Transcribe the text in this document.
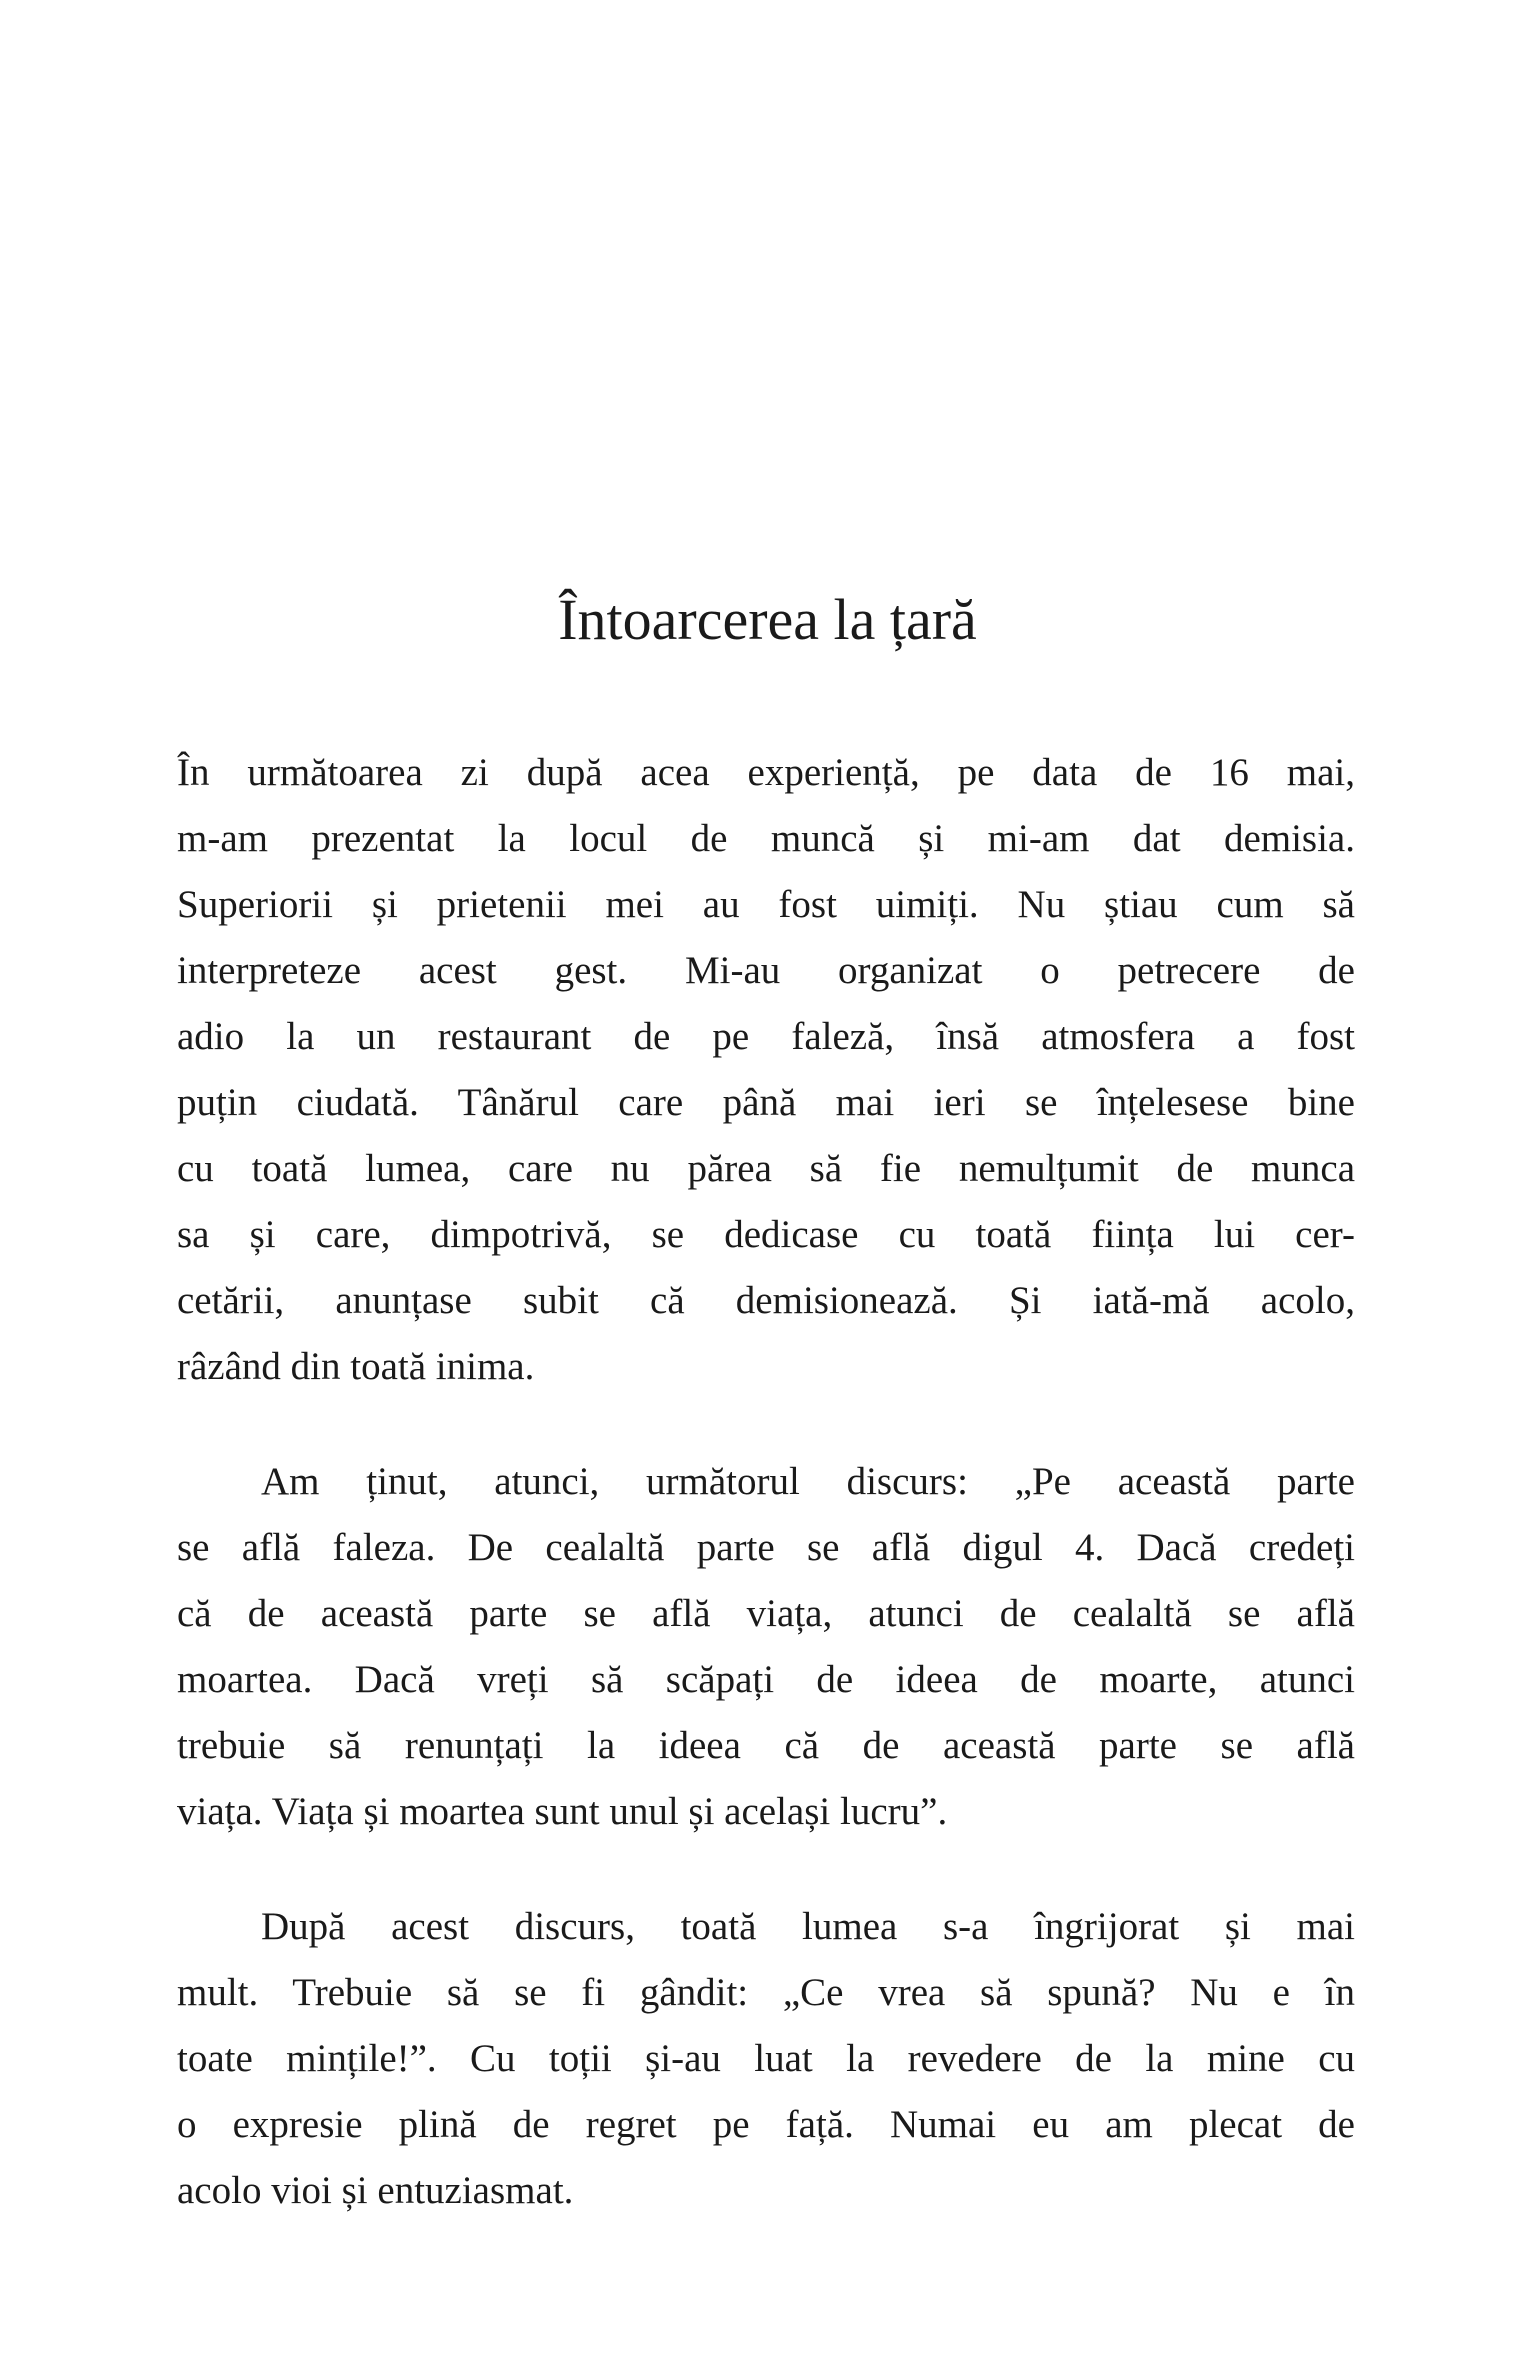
Întoarcerea la țară
În următoarea zi după acea experiență, pe data de 16 mai,
m-am prezentat la locul de muncă și mi-am dat demisia.
Superiorii și prietenii mei au fost uimiți. Nu știau cum să
interpreteze acest gest. Mi-au organizat o petrecere de
adio la un restaurant de pe faleză, însă atmosfera a fost
puțin ciudată. Tânărul care până mai ieri se înțelesese bine
cu toată lumea, care nu părea să fie nemulțumit de munca
sa și care, dimpotrivă, se dedicase cu toată ființa lui cer-
cetării, anunțase subit că demisionează. Și iată-mă acolo,
râzând din toată inima.
Am ținut, atunci, următorul discurs: „Pe această parte
se află faleza. De cealaltă parte se află digul 4. Dacă credeți
că de această parte se află viața, atunci de cealaltă se află
moartea. Dacă vreți să scăpați de ideea de moarte, atunci
trebuie să renunțați la ideea că de această parte se află
viața. Viața și moartea sunt unul și același lucru”.
După acest discurs, toată lumea s-a îngrijorat și mai
mult. Trebuie să se fi gândit: „Ce vrea să spună? Nu e în
toate mințile!”. Cu toții și-au luat la revedere de la mine cu
o expresie plină de regret pe față. Numai eu am plecat de
acolo vioi și entuziasmat.
